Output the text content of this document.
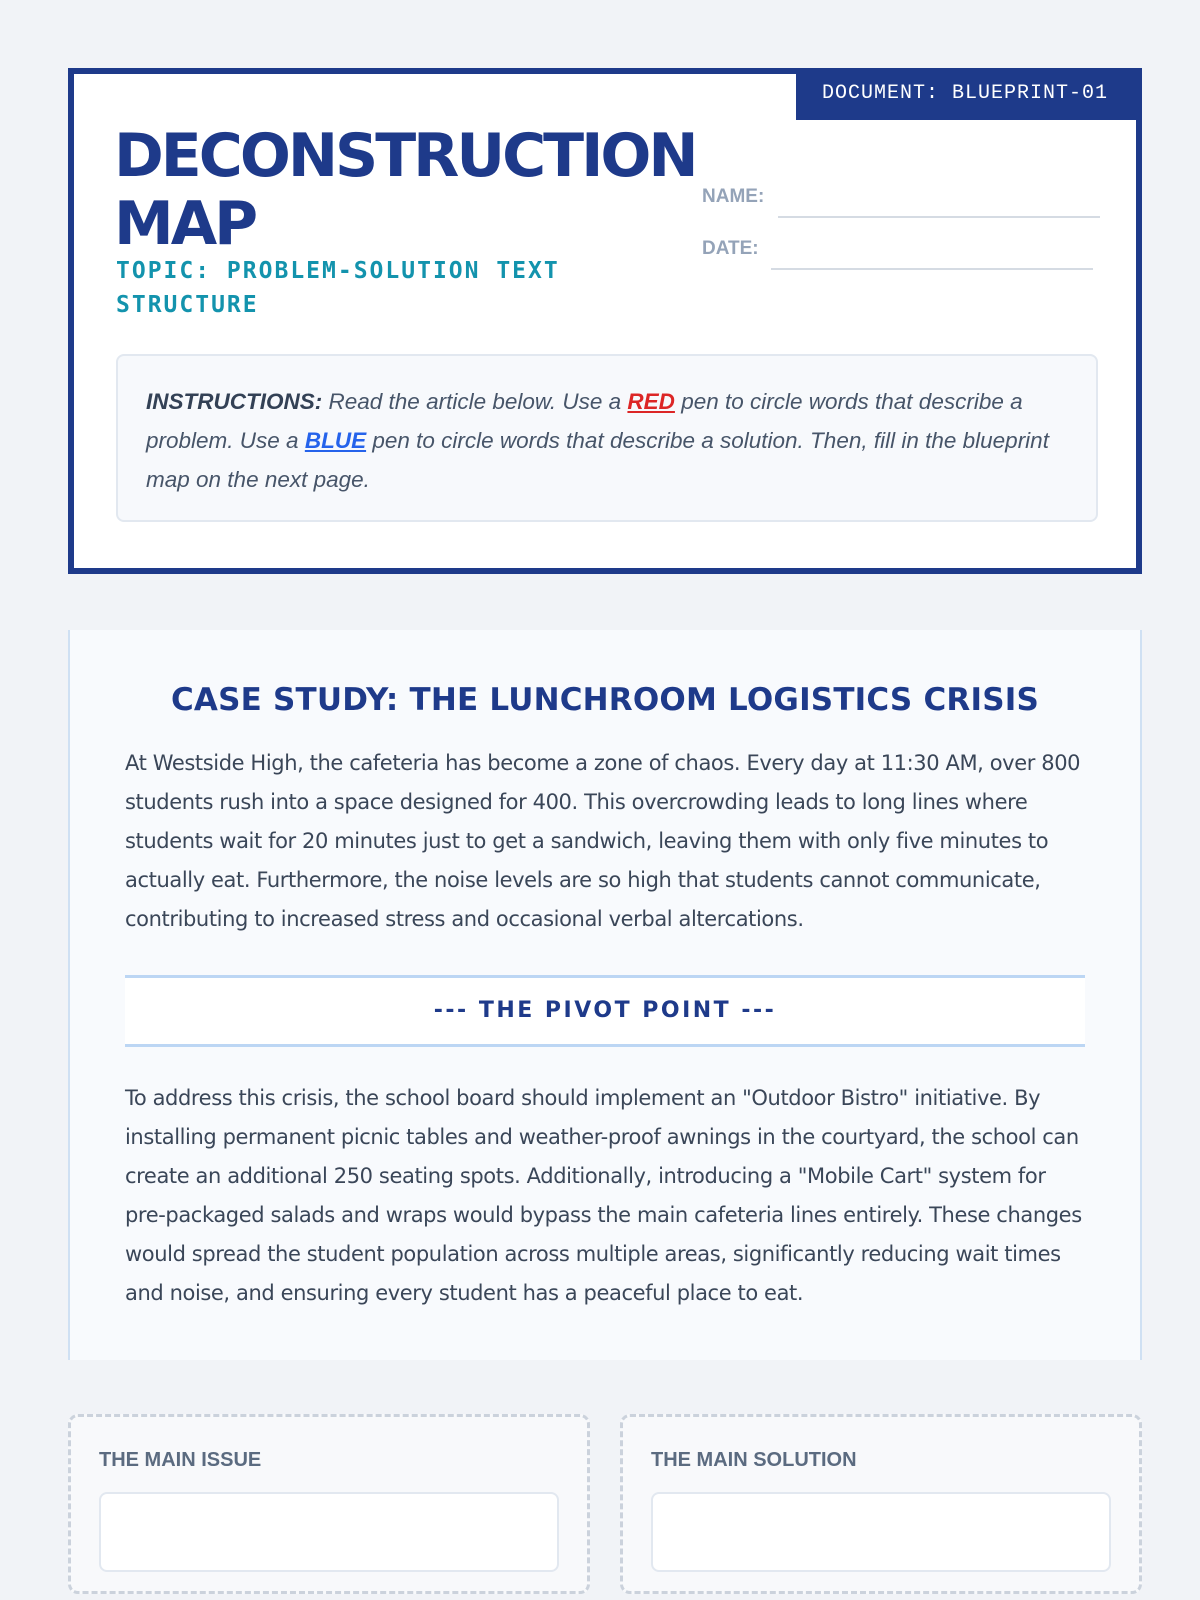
DOCUMENT: BLUEPRINT-01
DECONSTRUCTION MAP
TOPIC: PROBLEM-SOLUTION TEXT STRUCTURE
NAME:
DATE:
INSTRUCTIONS: Read the article below. Use a RED pen to circle words that describe a problem. Use a BLUE pen to circle words that describe a solution. Then, fill in the blueprint map on the next page.
CASE STUDY: THE LUNCHROOM LOGISTICS CRISIS

At Westside High, the cafeteria has become a zone of chaos. Every day at 11:30 AM, over 800 students rush into a space designed for 400. This overcrowding leads to long lines where students wait for 20 minutes just to get a sandwich, leaving them with only five minutes to actually eat. Furthermore, the noise levels are so high that students cannot communicate, contributing to increased stress and occasional verbal altercations.

--- THE PIVOT POINT ---

To address this crisis, the school board should implement an "Outdoor Bistro" initiative. By installing permanent picnic tables and weather-proof awnings in the courtyard, the school can create an additional 250 seating spots. Additionally, introducing a "Mobile Cart" system for pre-packaged salads and wraps would bypass the main cafeteria lines entirely. These changes would spread the student population across multiple areas, significantly reducing wait times and noise, and ensuring every student has a peaceful place to eat.

THE MAIN ISSUE	THE MAIN SOLUTION
